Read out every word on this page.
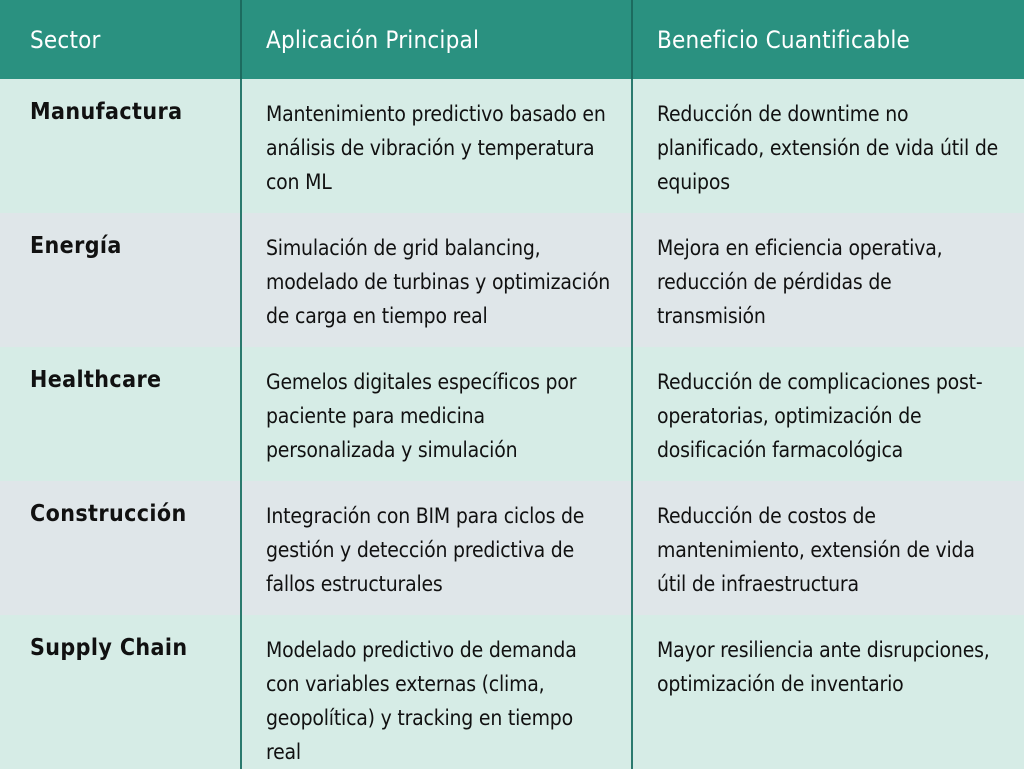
Sector	Aplicación Principal	Beneficio Cuantificable
Manufactura	Mantenimiento predictivo basado en análisis de vibración y temperatura con ML	Reducción de downtime no planificado, extensión de vida útil de equipos
Energía	Simulación de grid balancing, modelado de turbinas y optimización de carga en tiempo real	Mejora en eficiencia operativa, reducción de pérdidas de transmisión
Healthcare	Gemelos digitales específicos por paciente para medicina personalizada y simulación	Reducción de complicaciones post-operatorias, optimización de dosificación farmacológica
Construcción	Integración con BIM para ciclos de gestión y detección predictiva de fallos estructurales	Reducción de costos de mantenimiento, extensión de vida útil de infraestructura
Supply Chain	Modelado predictivo de demanda con variables externas (clima, geopolítica) y tracking en tiempo real	Mayor resiliencia ante disrupciones, optimización de inventario
